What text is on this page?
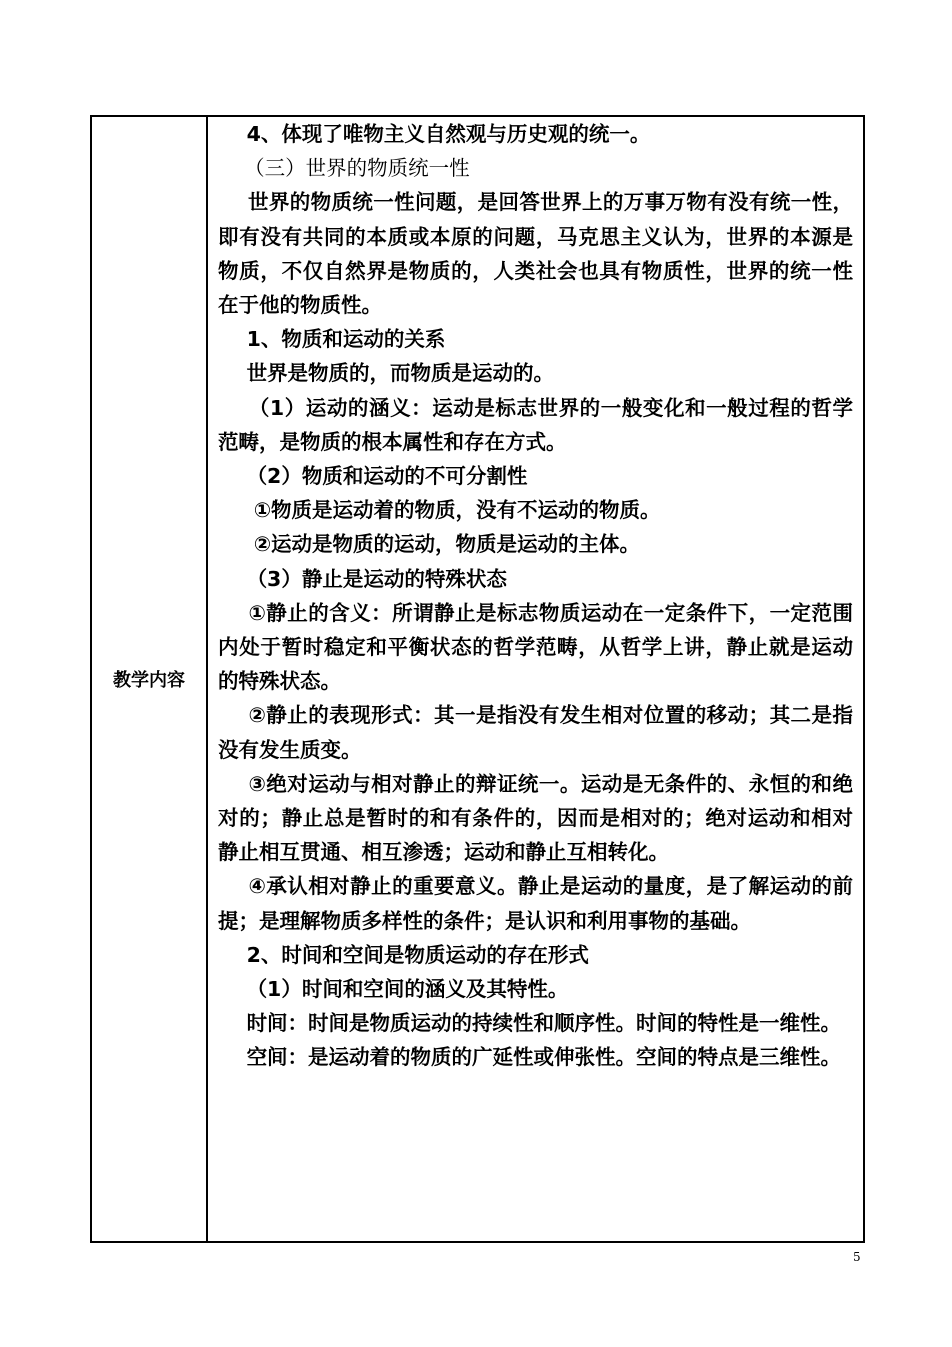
教学内容

4、体现了唯物主义自然观与历史观的统一。

（三）世界的物质统一性

世界的物质统一性问题，是回答世界上的万事万物有没有统一性，即有没有共同的本质或本原的问题，马克思主义认为，世界的本源是物质，不仅自然界是物质的，人类社会也具有物质性，世界的统一性在于他的物质性。

1、物质和运动的关系

世界是物质的，而物质是运动的。

（1）运动的涵义：运动是标志世界的一般变化和一般过程的哲学范畴，是物质的根本属性和存在方式。

（2）物质和运动的不可分割性

①物质是运动着的物质，没有不运动的物质。

②运动是物质的运动，物质是运动的主体。

（3）静止是运动的特殊状态

①静止的含义：所谓静止是标志物质运动在一定条件下，一定范围内处于暂时稳定和平衡状态的哲学范畴，从哲学上讲，静止就是运动的特殊状态。

②静止的表现形式：其一是指没有发生相对位置的移动；其二是指没有发生质变。

③绝对运动与相对静止的辩证统一。运动是无条件的、永恒的和绝对的；静止总是暂时的和有条件的，因而是相对的；绝对运动和相对静止相互贯通、相互渗透；运动和静止互相转化。

④承认相对静止的重要意义。静止是运动的量度，是了解运动的前提；是理解物质多样性的条件；是认识和利用事物的基础。

2、时间和空间是物质运动的存在形式

（1）时间和空间的涵义及其特性。

时间：时间是物质运动的持续性和顺序性。时间的特性是一维性。

空间：是运动着的物质的广延性或伸张性。空间的特点是三维性。

5
